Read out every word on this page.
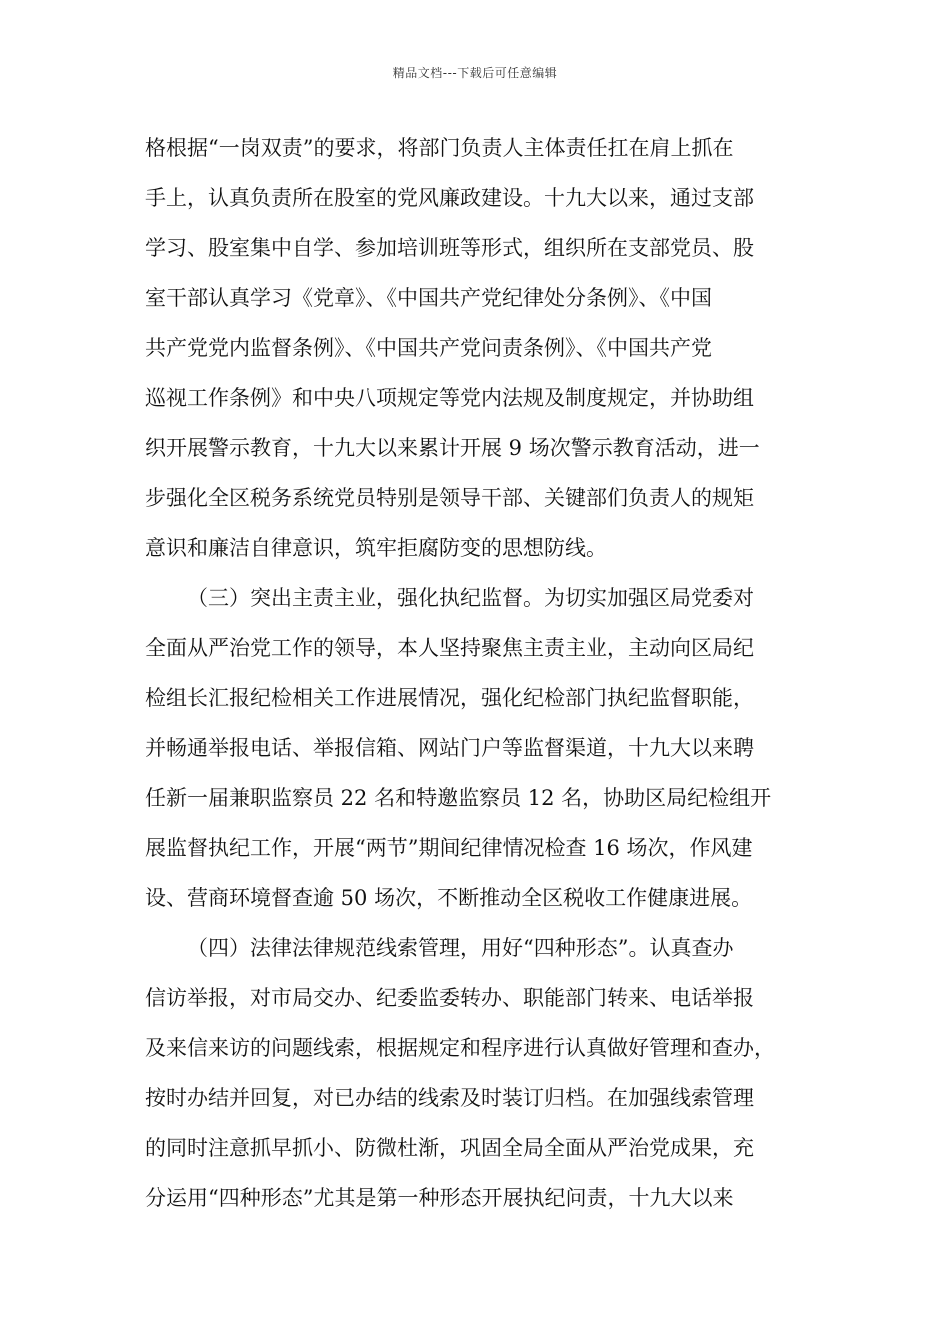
精品文档---下载后可任意编辑
格根据“一岗双责”的要求，将部门负责人主体责任扛在肩上抓在
手上，认真负责所在股室的党风廉政建设。十九大以来，通过支部
学习、股室集中自学、参加培训班等形式，组织所在支部党员、股
室干部认真学习《党章》、《中国共产党纪律处分条例》、《中国
共产党党内监督条例》、《中国共产党问责条例》、《中国共产党
巡视工作条例》和中央八项规定等党内法规及制度规定，并协助组
织开展警示教育，十九大以来累计开展 9 场次警示教育活动，进一
步强化全区税务系统党员特别是领导干部、关键部们负责人的规矩
意识和廉洁自律意识，筑牢拒腐防变的思想防线。
（三）突出主责主业，强化执纪监督。为切实加强区局党委对
全面从严治党工作的领导，本人坚持聚焦主责主业，主动向区局纪
检组长汇报纪检相关工作进展情况，强化纪检部门执纪监督职能，
并畅通举报电话、举报信箱、网站门户等监督渠道，十九大以来聘
任新一届兼职监察员 22 名和特邀监察员 12 名，协助区局纪检组开
展监督执纪工作，开展“两节”期间纪律情况检查 16 场次，作风建
设、营商环境督查逾 50 场次，不断推动全区税收工作健康进展。
（四）法律法律规范线索管理，用好“四种形态”。认真查办
信访举报，对市局交办、纪委监委转办、职能部门转来、电话举报
及来信来访的问题线索，根据规定和程序进行认真做好管理和查办，
按时办结并回复，对已办结的线索及时装订归档。在加强线索管理
的同时注意抓早抓小、防微杜渐，巩固全局全面从严治党成果，充
分运用“四种形态”尤其是第一种形态开展执纪问责，十九大以来
